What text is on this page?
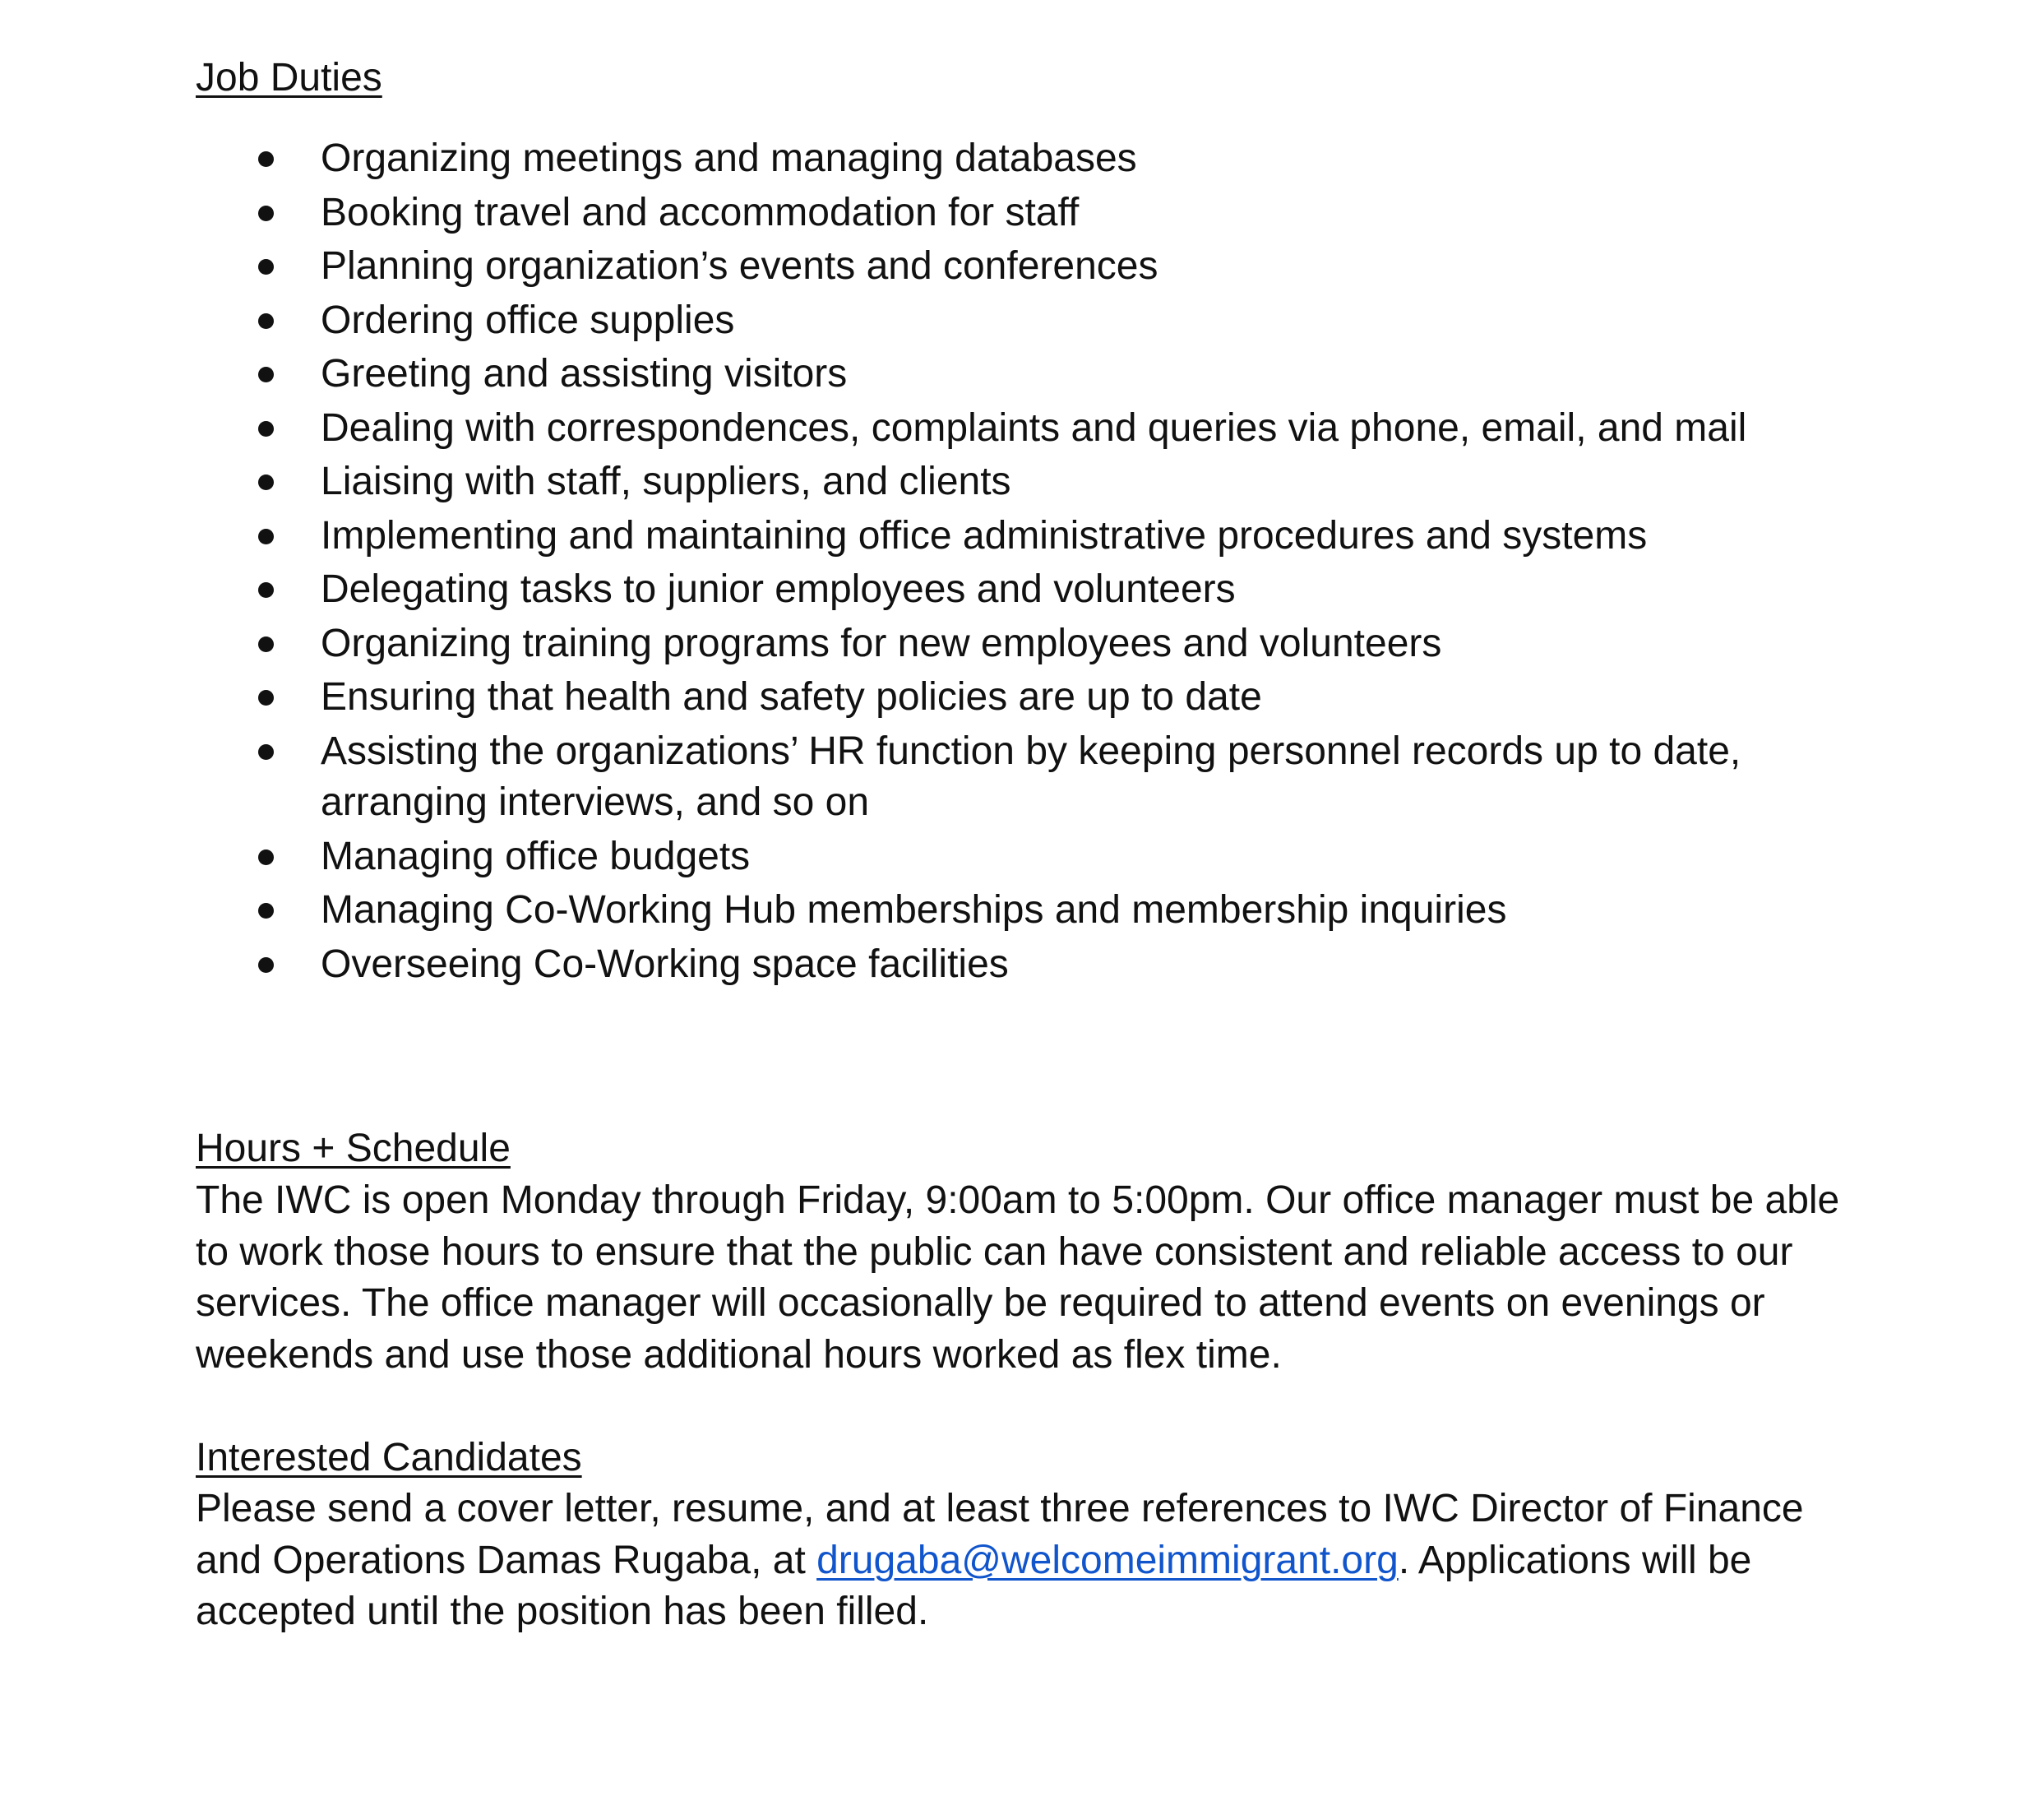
Job Duties
Organizing meetings and managing databases
Booking travel and accommodation for staff
Planning organization’s events and conferences
Ordering office supplies
Greeting and assisting visitors
Dealing with correspondences, complaints and queries via phone, email, and mail
Liaising with staff, suppliers, and clients
Implementing and maintaining office administrative procedures and systems
Delegating tasks to junior employees and volunteers
Organizing training programs for new employees and volunteers
Ensuring that health and safety policies are up to date
Assisting the organizations’ HR function by keeping personnel records up to date, arranging interviews, and so on
Managing office budgets
Managing Co-Working Hub memberships and membership inquiries
Overseeing Co-Working space facilities
Hours + Schedule
The IWC is open Monday through Friday, 9:00am to 5:00pm. Our office manager must be able to work those hours to ensure that the public can have consistent and reliable access to our services. The office manager will occasionally be required to attend events on evenings or weekends and use those additional hours worked as flex time.
Interested Candidates
Please send a cover letter, resume, and at least three references to IWC Director of Finance and Operations Damas Rugaba, at drugaba@welcomeimmigrant.org. Applications will be accepted until the position has been filled.
